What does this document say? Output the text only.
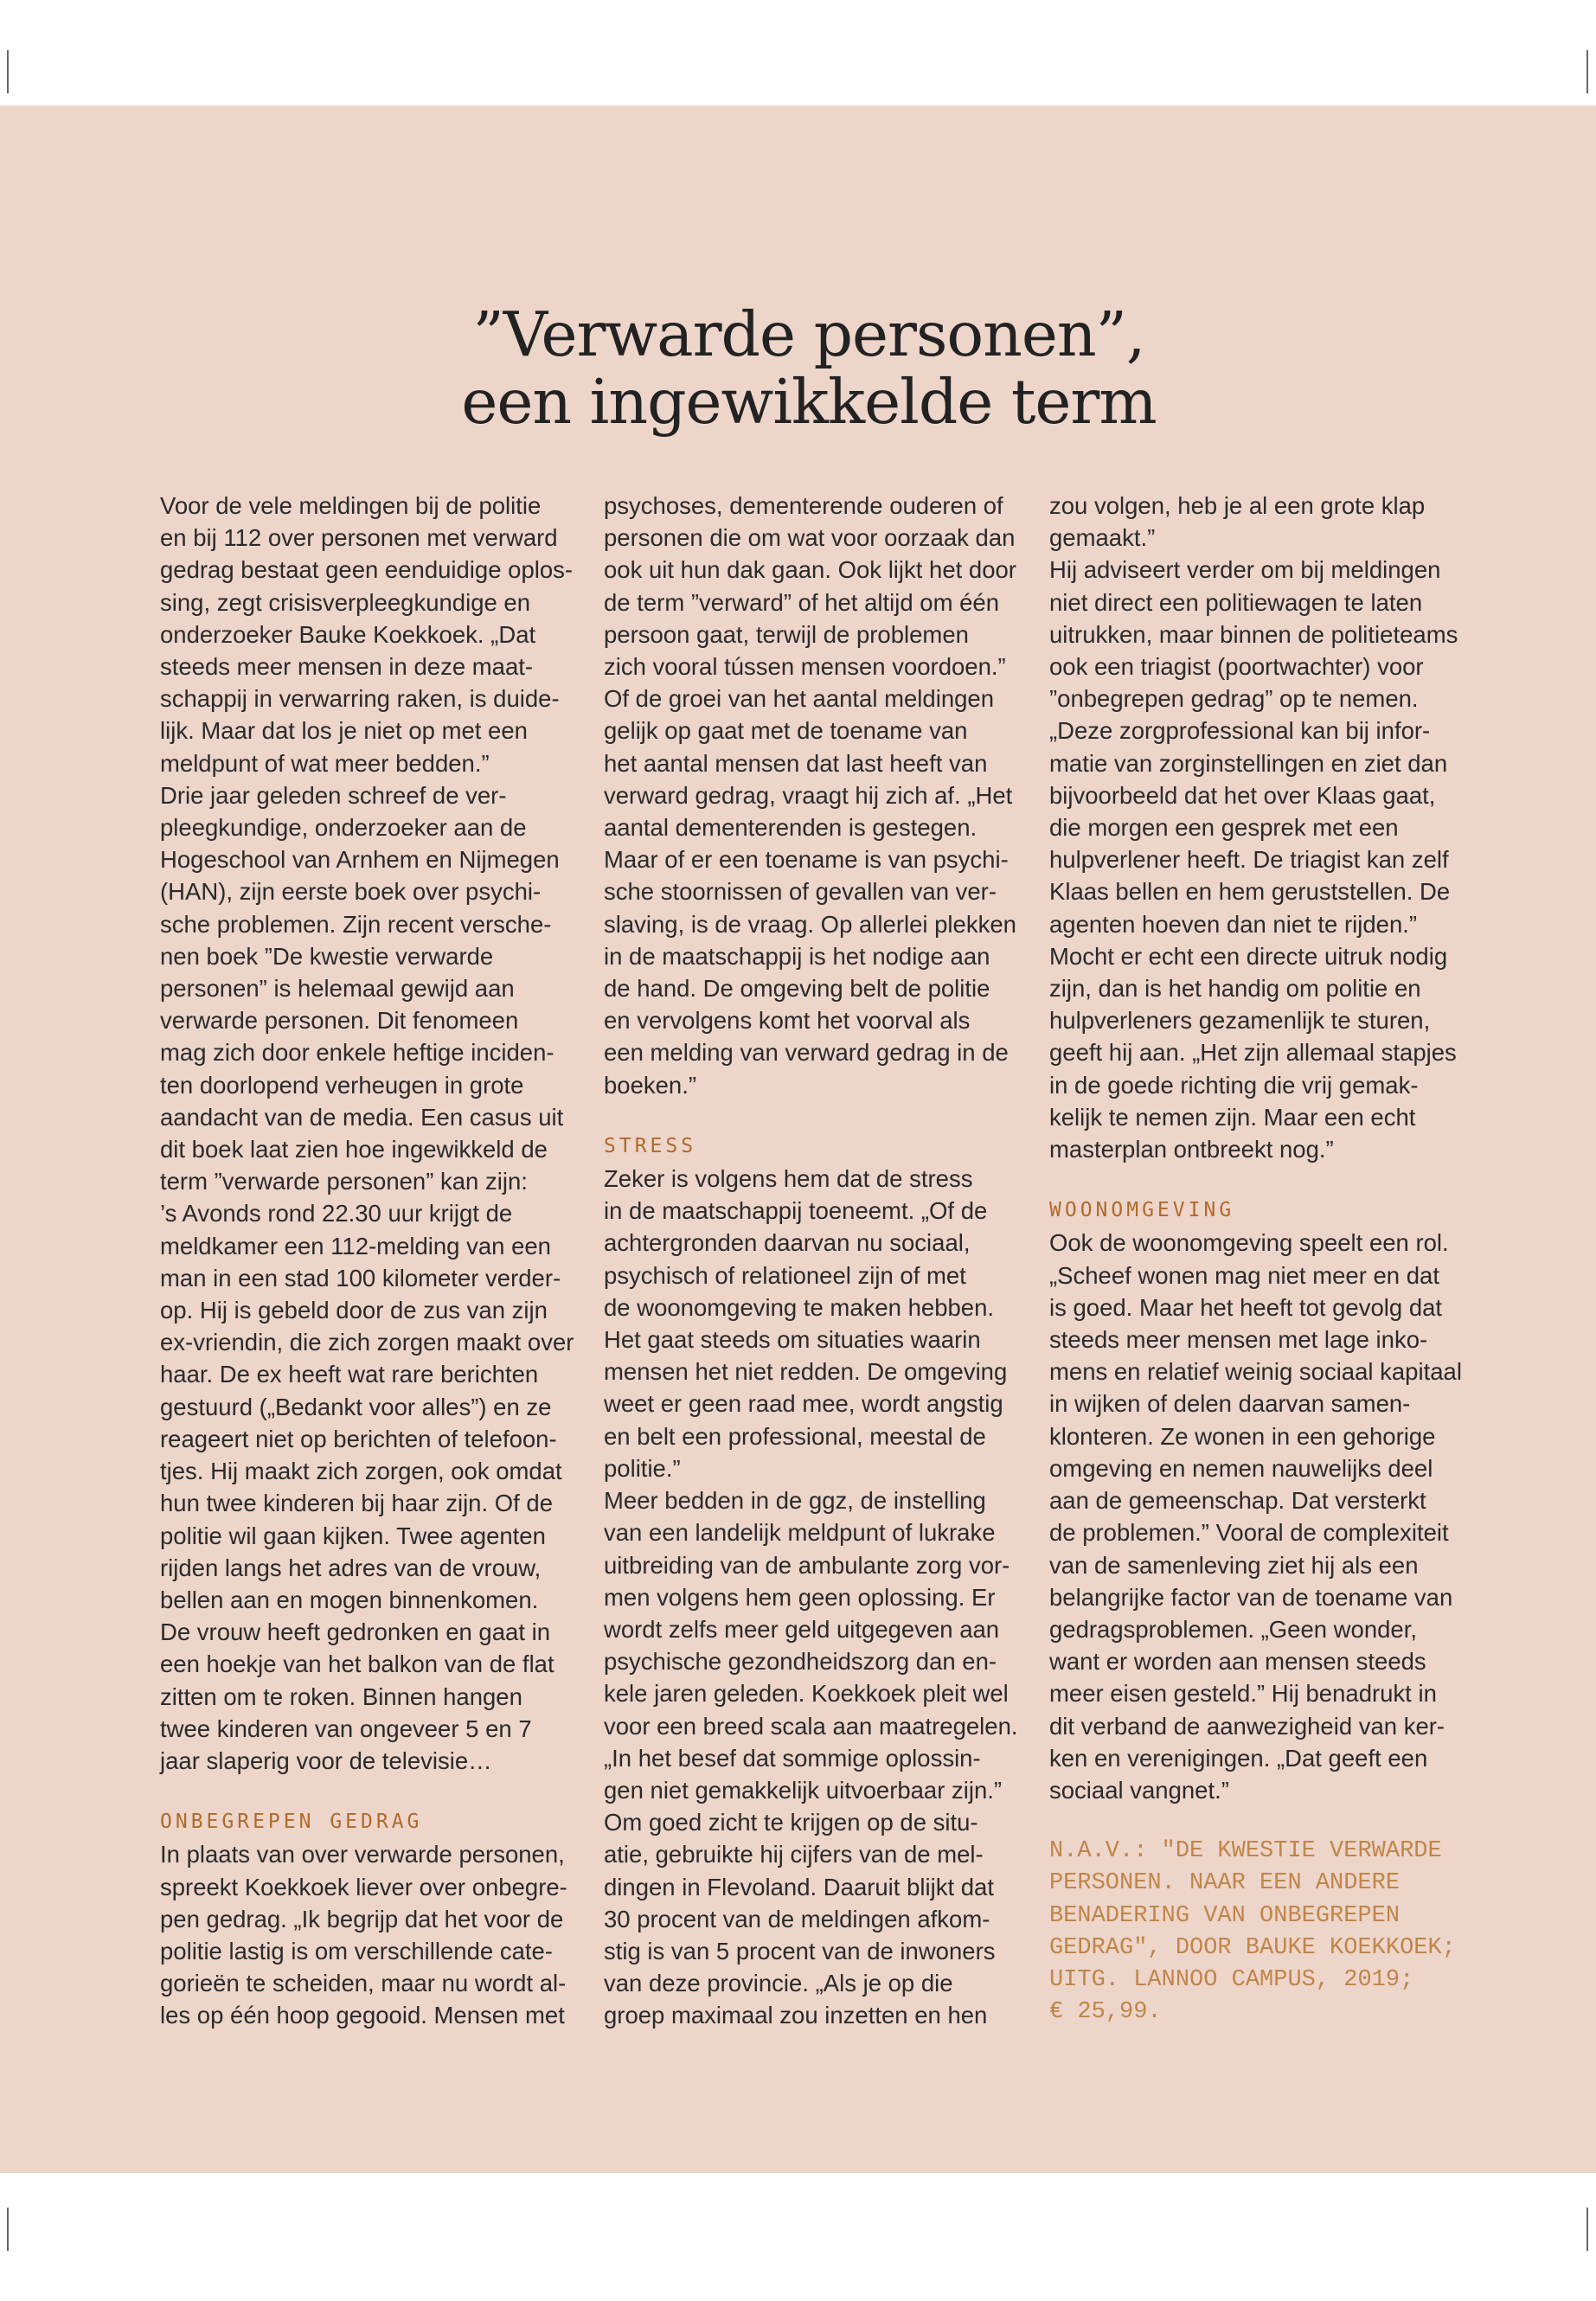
”Verwarde personen”,
een ingewikkelde term
Voor de vele meldingen bij de politie
en bij 112 over personen met verward
gedrag bestaat geen eenduidige oplos-
sing, zegt crisisverpleegkundige en
onderzoeker Bauke Koekkoek. „Dat
steeds meer mensen in deze maat-
schappij in verwarring raken, is duide-
lijk. Maar dat los je niet op met een
meldpunt of wat meer bedden.”
Drie jaar geleden schreef de ver-
pleegkundige, onderzoeker aan de
Hogeschool van Arnhem en Nijmegen
(HAN), zijn eerste boek over psychi-
sche problemen. Zijn recent versche-
nen boek ”De kwestie verwarde
personen” is helemaal gewijd aan
verwarde personen. Dit fenomeen
mag zich door enkele heftige inciden-
ten doorlopend verheugen in grote
aandacht van de media. Een casus uit
dit boek laat zien hoe ingewikkeld de
term ”verwarde personen” kan zijn:
’s Avonds rond 22.30 uur krijgt de
meldkamer een 112-melding van een
man in een stad 100 kilometer verder-
op. Hij is gebeld door de zus van zijn
ex-vriendin, die zich zorgen maakt over
haar. De ex heeft wat rare berichten
gestuurd („Bedankt voor alles”) en ze
reageert niet op berichten of telefoon-
tjes. Hij maakt zich zorgen, ook omdat
hun twee kinderen bij haar zijn. Of de
politie wil gaan kijken. Twee agenten
rijden langs het adres van de vrouw,
bellen aan en mogen binnenkomen.
De vrouw heeft gedronken en gaat in
een hoekje van het balkon van de flat
zitten om te roken. Binnen hangen
twee kinderen van ongeveer 5 en 7
jaar slaperig voor de televisie…
ONBEGREPEN GEDRAG
In plaats van over verwarde personen,
spreekt Koekkoek liever over onbegre-
pen gedrag. „Ik begrijp dat het voor de
politie lastig is om verschillende cate-
gorieën te scheiden, maar nu wordt al-
les op één hoop gegooid. Mensen met
psychoses, dementerende ouderen of
personen die om wat voor oorzaak dan
ook uit hun dak gaan. Ook lijkt het door
de term ”verward” of het altijd om één
persoon gaat, terwijl de problemen
zich vooral tússen mensen voordoen.”
Of de groei van het aantal meldingen
gelijk op gaat met de toename van
het aantal mensen dat last heeft van
verward gedrag, vraagt hij zich af. „Het
aantal dementerenden is gestegen.
Maar of er een toename is van psychi-
sche stoornissen of gevallen van ver-
slaving, is de vraag. Op allerlei plekken
in de maatschappij is het nodige aan
de hand. De omgeving belt de politie
en vervolgens komt het voorval als
een melding van verward gedrag in de
boeken.”
STRESS
Zeker is volgens hem dat de stress
in de maatschappij toeneemt. „Of de
achtergronden daarvan nu sociaal,
psychisch of relationeel zijn of met
de woonomgeving te maken hebben.
Het gaat steeds om situaties waarin
mensen het niet redden. De omgeving
weet er geen raad mee, wordt angstig
en belt een professional, meestal de
politie.”
Meer bedden in de ggz, de instelling
van een landelijk meldpunt of lukrake
uitbreiding van de ambulante zorg vor-
men volgens hem geen oplossing. Er
wordt zelfs meer geld uitgegeven aan
psychische gezondheidszorg dan en-
kele jaren geleden. Koekkoek pleit wel
voor een breed scala aan maatregelen.
„In het besef dat sommige oplossin-
gen niet gemakkelijk uitvoerbaar zijn.”
Om goed zicht te krijgen op de situ-
atie, gebruikte hij cijfers van de mel-
dingen in Flevoland. Daaruit blijkt dat
30 procent van de meldingen afkom-
stig is van 5 procent van de inwoners
van deze provincie. „Als je op die
groep maximaal zou inzetten en hen
zou volgen, heb je al een grote klap
gemaakt.”
Hij adviseert verder om bij meldingen
niet direct een politiewagen te laten
uitrukken, maar binnen de politieteams
ook een triagist (poortwachter) voor
”onbegrepen gedrag” op te nemen.
„Deze zorgprofessional kan bij infor-
matie van zorginstellingen en ziet dan
bijvoorbeeld dat het over Klaas gaat,
die morgen een gesprek met een
hulpverlener heeft. De triagist kan zelf
Klaas bellen en hem geruststellen. De
agenten hoeven dan niet te rijden.”
Mocht er echt een directe uitruk nodig
zijn, dan is het handig om politie en
hulpverleners gezamenlijk te sturen,
geeft hij aan. „Het zijn allemaal stapjes
in de goede richting die vrij gemak-
kelijk te nemen zijn. Maar een echt
masterplan ontbreekt nog.”
WOONOMGEVING
Ook de woonomgeving speelt een rol.
„Scheef wonen mag niet meer en dat
is goed. Maar het heeft tot gevolg dat
steeds meer mensen met lage inko-
mens en relatief weinig sociaal kapitaal
in wijken of delen daarvan samen-
klonteren. Ze wonen in een gehorige
omgeving en nemen nauwelijks deel
aan de gemeenschap. Dat versterkt
de problemen.” Vooral de complexiteit
van de samenleving ziet hij als een
belangrijke factor van de toename van
gedragsproblemen. „Geen wonder,
want er worden aan mensen steeds
meer eisen gesteld.” Hij benadrukt in
dit verband de aanwezigheid van ker-
ken en verenigingen. „Dat geeft een
sociaal vangnet.”
N.A.V.: "DE KWESTIE VERWARDE
PERSONEN. NAAR EEN ANDERE
BENADERING VAN ONBEGREPEN
GEDRAG", DOOR BAUKE KOEKKOEK;
UITG. LANNOO CAMPUS, 2019;
€ 25,99.
